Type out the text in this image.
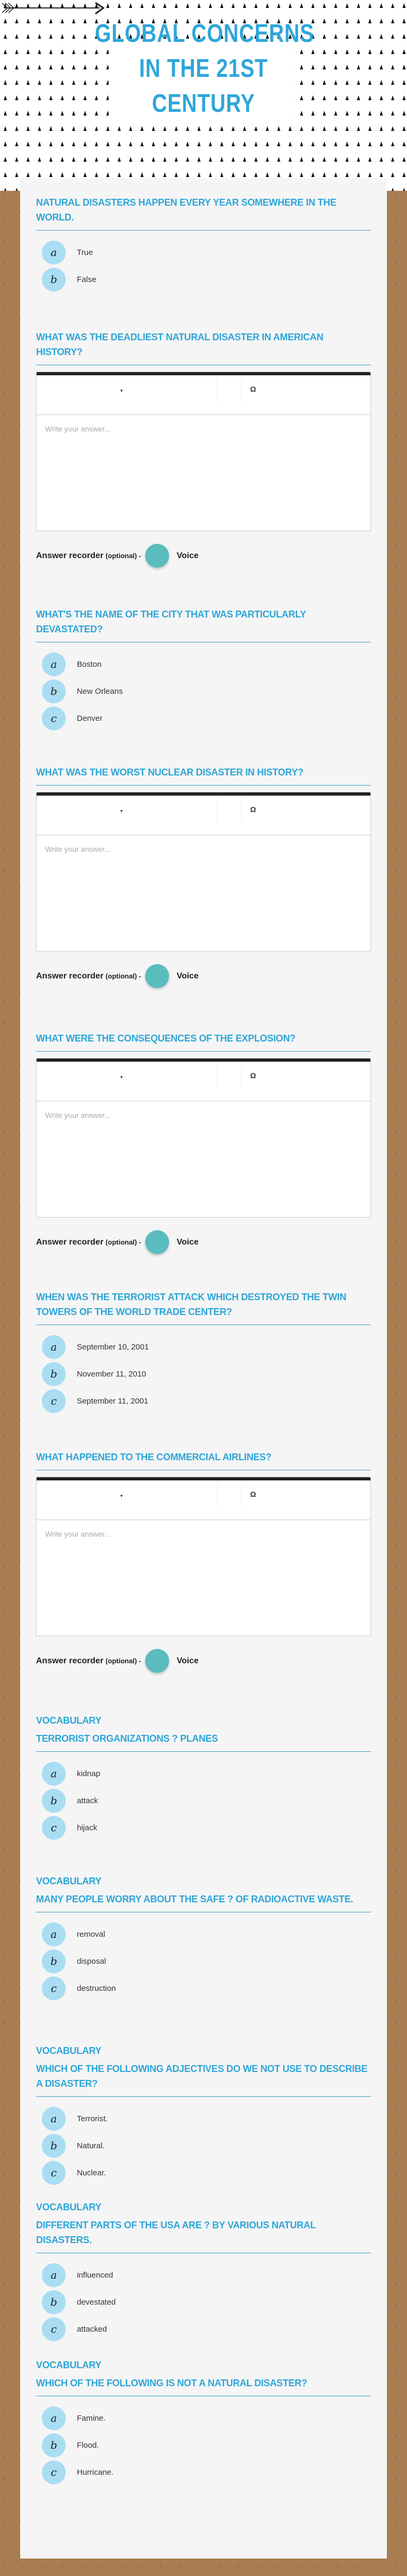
GLOBAL CONCERNS
IN THE 21ST
CENTURY
NATURAL DISASTERS HAPPEN EVERY YEAR SOMEWHERE IN THE WORLD.
a	True
b	False
WHAT WAS THE DEADLIEST NATURAL DISASTER IN AMERICAN HISTORY?
▾	Ω
Write your answer...
Answer recorder (optional) -	Voice
WHAT'S THE NAME OF THE CITY THAT WAS PARTICULARLY DEVASTATED?
a	Boston
b	New Orleans
c	Denver
WHAT WAS THE WORST NUCLEAR DISASTER IN HISTORY?
▾	Ω
Write your answer...
Answer recorder (optional) -	Voice
WHAT WERE THE CONSEQUENCES OF THE EXPLOSION?
▾	Ω
Write your answer...
Answer recorder (optional) -	Voice
WHEN WAS THE TERRORIST ATTACK WHICH DESTROYED THE TWIN TOWERS OF THE WORLD TRADE CENTER?
a	September 10, 2001
b	November 11, 2010
c	September 11, 2001
WHAT HAPPENED TO THE COMMERCIAL AIRLINES?
▾	Ω
Write your answer...
Answer recorder (optional) -	Voice
VOCABULARY
TERRORIST ORGANIZATIONS ? PLANES
a	kidnap
b	attack
c	hijack
VOCABULARY
MANY PEOPLE WORRY ABOUT THE SAFE ? OF RADIOACTIVE WASTE.
a	removal
b	disposal
c	destruction
VOCABULARY
WHICH OF THE FOLLOWING ADJECTIVES DO WE NOT USE TO DESCRIBE A DISASTER?
a	Terrorist.
b	Natural.
c	Nuclear.
VOCABULARY
DIFFERENT PARTS OF THE USA ARE ? BY VARIOUS NATURAL DISASTERS.
a	influenced
b	devestated
c	attacked
VOCABULARY
WHICH OF THE FOLLOWING IS NOT A NATURAL DISASTER?
a	Famine.
b	Flood.
c	Hurricane.
